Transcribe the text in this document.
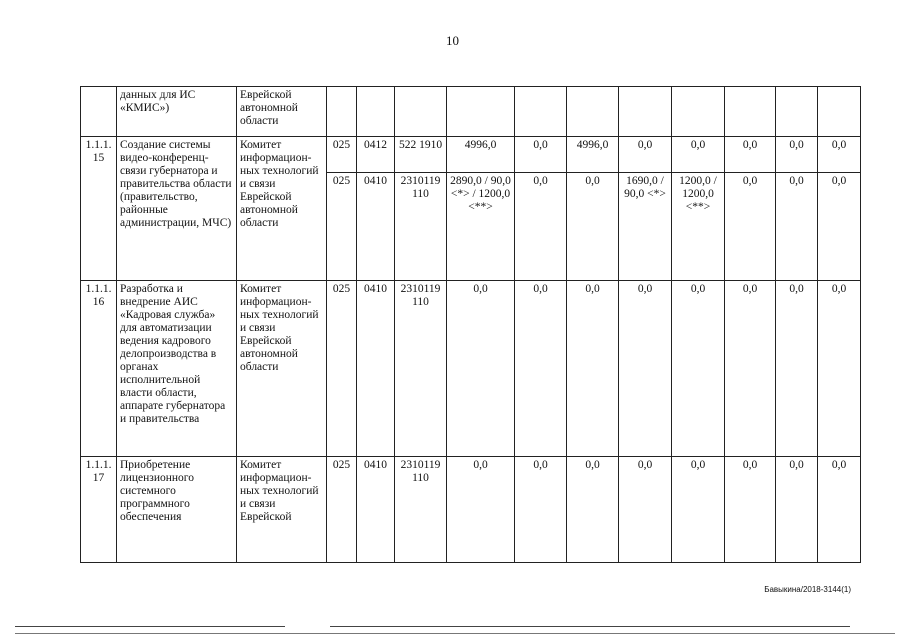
10
	данных для ИС «КМИС»)	Еврейской автономной области											
1.1.1. 15	Создание системы видео-конференц-связи губернатора и правительства области (правительство, районные администрации, МЧС)	Комитет информацион-ных технологий и связи Еврейской автономной области	025	0412	522 1910	4996,0	0,0	4996,0	0,0	0,0	0,0	0,0	0,0
			025	0410	2310119 110	2890,0 / 90,0 <*> / 1200,0 <**>	0,0	0,0	1690,0 / 90,0 <*>	1200,0 / 1200,0 <**>	0,0	0,0	0,0
1.1.1. 16	Разработка и внедрение АИС «Кадровая служба» для автоматизации ведения кадрового делопроизводства в органах исполнительной власти области, аппарате губернатора и правительства	Комитет информацион-ных технологий и связи Еврейской автономной области	025	0410	2310119 110	0,0	0,0	0,0	0,0	0,0	0,0	0,0	0,0
1.1.1. 17	Приобретение лицензионного системного программного обеспечения	Комитет информацион-ных технологий и связи Еврейской	025	0410	2310119 110	0,0	0,0	0,0	0,0	0,0	0,0	0,0	0,0
Бавыкина/2018-3144(1)
